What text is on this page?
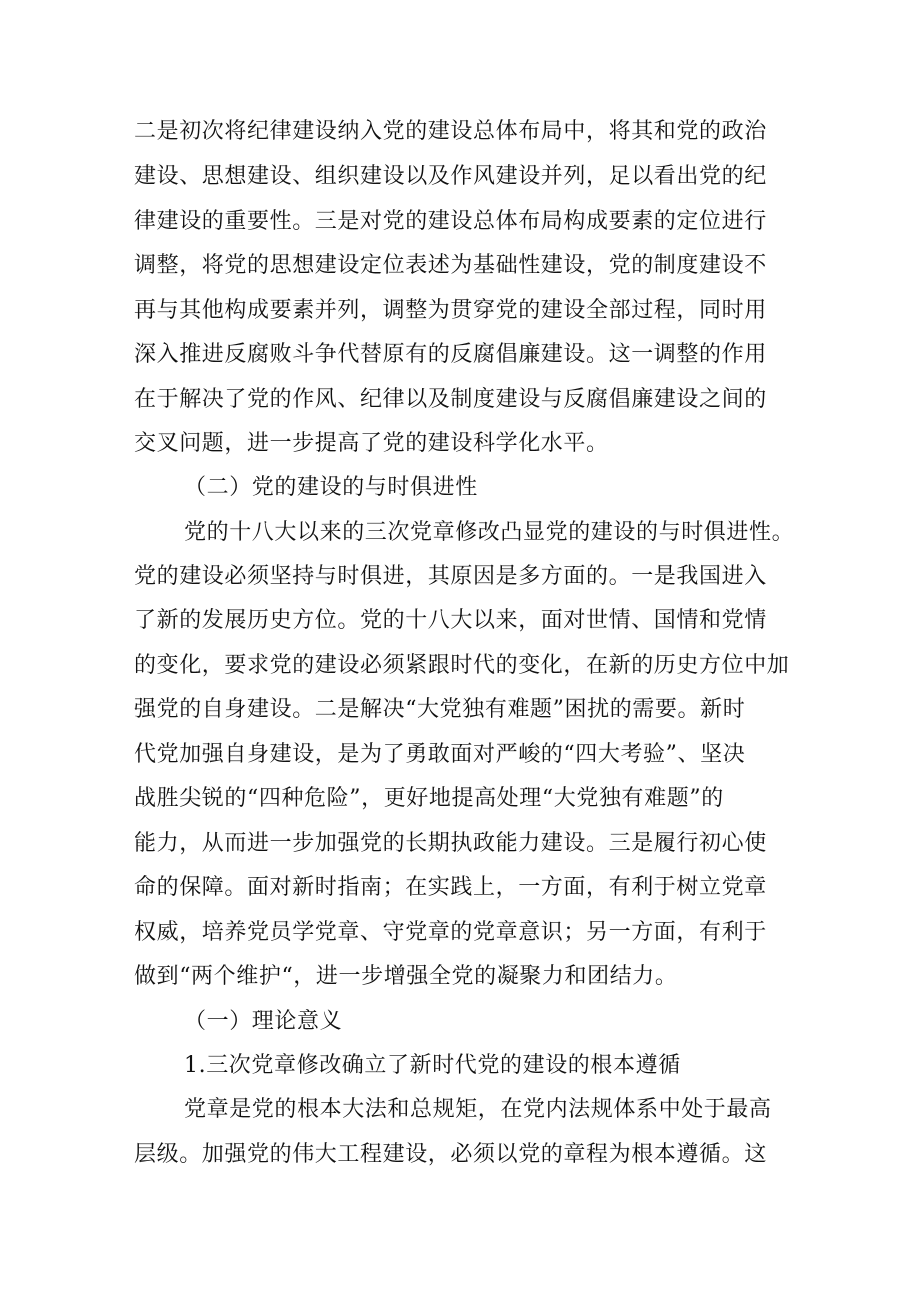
二是初次将纪律建设纳入党的建设总体布局中，将其和党的政治
建设、思想建设、组织建设以及作风建设并列，足以看出党的纪
律建设的重要性。三是对党的建设总体布局构成要素的定位进行
调整，将党的思想建设定位表述为基础性建设，党的制度建设不
再与其他构成要素并列，调整为贯穿党的建设全部过程，同时用
深入推进反腐败斗争代替原有的反腐倡廉建设。这一调整的作用
在于解决了党的作风、纪律以及制度建设与反腐倡廉建设之间的
交叉问题，进一步提高了党的建设科学化水平。
（二）党的建设的与时俱进性
党的十八大以来的三次党章修改凸显党的建设的与时俱进性。
党的建设必须坚持与时俱进，其原因是多方面的。一是我国进入
了新的发展历史方位。党的十八大以来，面对世情、国情和党情
的变化，要求党的建设必须紧跟时代的变化，在新的历史方位中加
强党的自身建设。二是解决“大党独有难题”困扰的需要。新时
代党加强自身建设，是为了勇敢面对严峻的“四大考验”、坚决
战胜尖锐的“四种危险”，更好地提高处理“大党独有难题”的
能力，从而进一步加强党的长期执政能力建设。三是履行初心使
命的保障。面对新时指南；在实践上，一方面，有利于树立党章
权威，培养党员学党章、守党章的党章意识；另一方面，有利于
做到“两个维护“，进一步增强全党的凝聚力和团结力。
（一）理论意义
1.三次党章修改确立了新时代党的建设的根本遵循
党章是党的根本大法和总规矩，在党内法规体系中处于最高
层级。加强党的伟大工程建设，必须以党的章程为根本遵循。这
